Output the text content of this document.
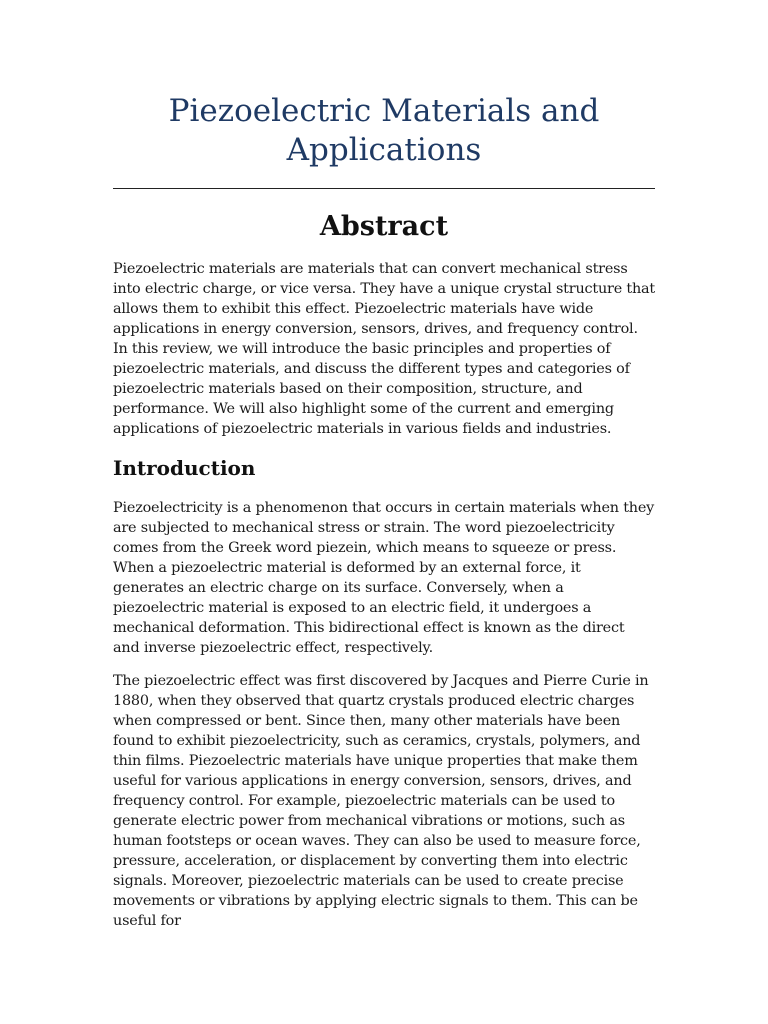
Piezoelectric Materials and
Applications
Abstract

Piezoelectric materials are materials that can convert mechanical stress into electric charge, or vice versa. They have a unique crystal structure that allows them to exhibit this effect. Piezoelectric materials have wide applications in energy conversion, sensors, drives, and frequency control. In this review, we will introduce the basic principles and properties of piezoelectric materials, and discuss the different types and categories of piezoelectric materials based on their composition, structure, and performance. We will also highlight some of the current and emerging applications of piezoelectric materials in various fields and industries.

Introduction

Piezoelectricity is a phenomenon that occurs in certain materials when they are subjected to mechanical stress or strain. The word piezoelectricity comes from the Greek word piezein, which means to squeeze or press. When a piezoelectric material is deformed by an external force, it generates an electric charge on its surface. Conversely, when a piezoelectric material is exposed to an electric field, it undergoes a mechanical deformation. This bidirectional effect is known as the direct and inverse piezoelectric effect, respectively.

The piezoelectric effect was first discovered by Jacques and Pierre Curie in 1880, when they observed that quartz crystals produced electric charges when compressed or bent. Since then, many other materials have been found to exhibit piezoelectricity, such as ceramics, crystals, polymers, and thin films. Piezoelectric materials have unique properties that make them useful for various applications in energy conversion, sensors, drives, and frequency control. For example, piezoelectric materials can be used to generate electric power from mechanical vibrations or motions, such as human footsteps or ocean waves. They can also be used to measure force, pressure, acceleration, or displacement by converting them into electric signals. Moreover, piezoelectric materials can be used to create precise movements or vibrations by applying electric signals to them. This can be useful for
